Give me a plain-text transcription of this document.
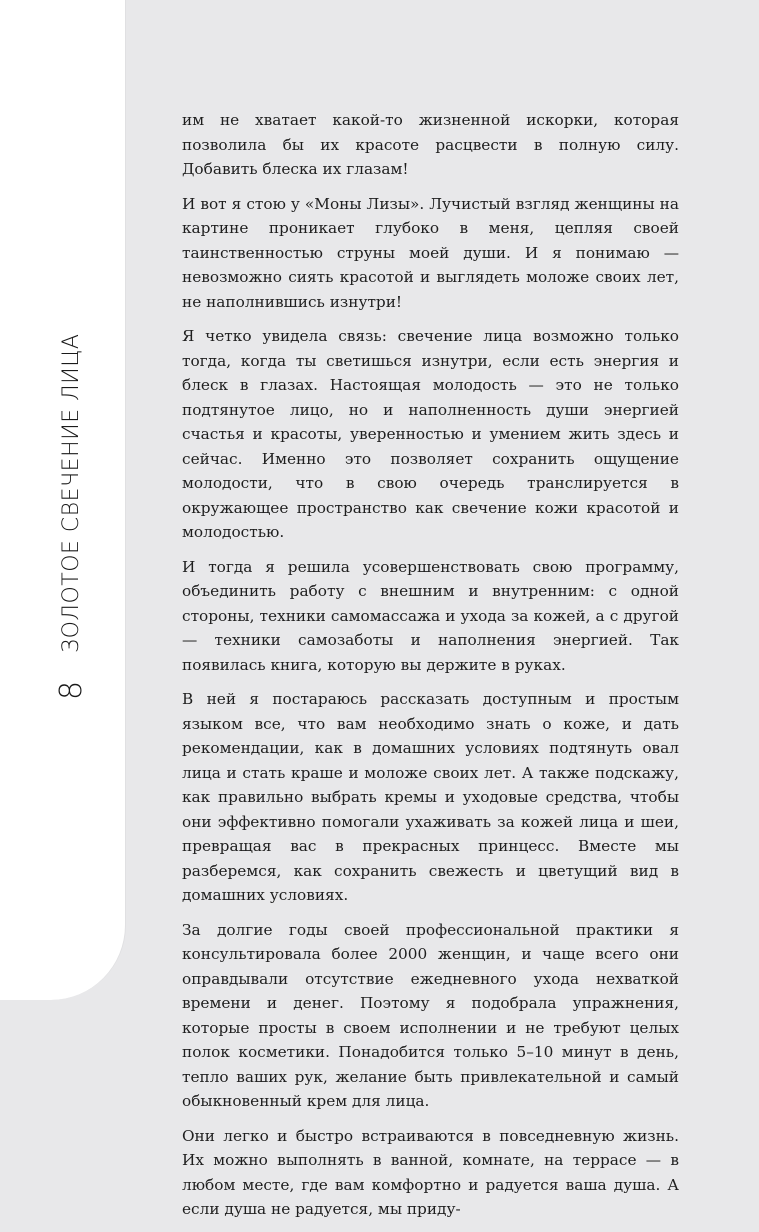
8
ЗОЛОТОЕ СВЕЧЕНИЕ ЛИЦА

им не хватает какой-то жизненной искорки, которая позволила бы их красоте расцвести в полную силу. Добавить блеска их глазам!

И вот я стою у «Моны Лизы». Лучистый взгляд женщины на картине проникает глубоко в меня, цепляя своей таинственностью струны моей души. И я понимаю — невозможно сиять красотой и выглядеть моложе своих лет, не наполнившись изнутри!

Я четко увидела связь: свечение лица возможно только тогда, когда ты светишься изнутри, если есть энергия и блеск в глазах. Настоящая молодость — это не только подтянутое лицо, но и наполненность души энергией счастья и красоты, уверенностью и умением жить здесь и сейчас. Именно это позволяет сохранить ощущение молодости, что в свою очередь транслируется в окружающее пространство как свечение кожи красотой и молодостью.

И тогда я решила усовершенствовать свою программу, объединить работу с внешним и внутренним: с одной стороны, техники самомассажа и ухода за кожей, а с другой — техники самозаботы и наполнения энергией. Так появилась книга, которую вы держите в руках.

В ней я постараюсь рассказать доступным и простым языком все, что вам необходимо знать о коже, и дать рекомендации, как в домашних условиях подтянуть овал лица и стать краше и моложе своих лет. А также подскажу, как правильно выбрать кремы и уходовые средства, чтобы они эффективно помогали ухаживать за кожей лица и шеи, превращая вас в прекрасных принцесс. Вместе мы разберемся, как сохранить свежесть и цветущий вид в домашних условиях.

За долгие годы своей профессиональной практики я консультировала более 2000 женщин, и чаще всего они оправдывали отсутствие ежедневного ухода нехваткой времени и денег. Поэтому я подобрала упражнения, которые просты в своем исполнении и не требуют целых полок косметики. Понадобится только 5–10 минут в день, тепло ваших рук, желание быть привлекательной и самый обыкновенный крем для лица.

Они легко и быстро встраиваются в повседневную жизнь. Их можно выполнять в ванной, комнате, на террасе — в любом месте, где вам комфортно и радуется ваша душа. А если душа не радуется, мы приду-
